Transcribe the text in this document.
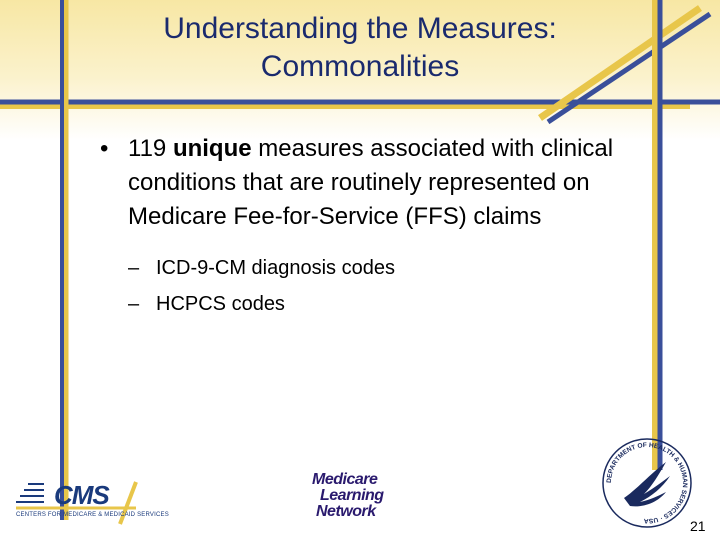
Understanding the Measures:
Commonalities
• 119 unique measures associated with clinical conditions that are routinely represented on Medicare Fee-for-Service (FFS) claims
– ICD-9-CM diagnosis codes
– HCPCS codes
CMS
CENTERS FOR MEDICARE & MEDICAID SERVICES
Medicare
Learning
Network
DEPARTMENT OF HEALTH & HUMAN SERVICES · USA	21
